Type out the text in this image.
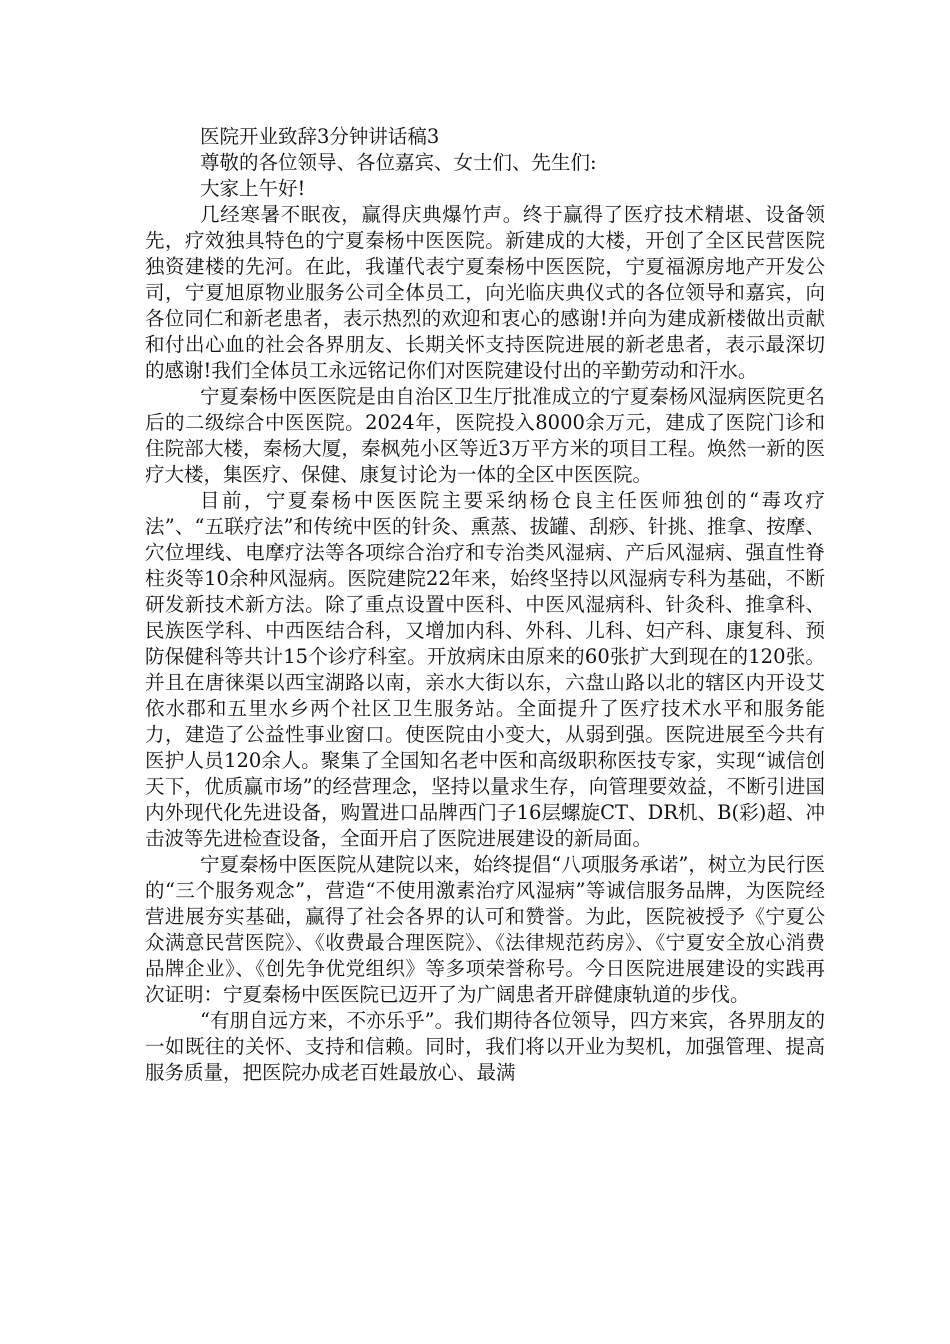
医院开业致辞3分钟讲话稿3

尊敬的各位领导、各位嘉宾、女士们、先生们:

大家上午好!

几经寒暑不眠夜，赢得庆典爆竹声。终于赢得了医疗技术精堪、设备领先，疗效独具特色的宁夏秦杨中医医院。新建成的大楼，开创了全区民营医院独资建楼的先河。在此，我谨代表宁夏秦杨中医医院，宁夏福源房地产开发公司，宁夏旭原物业服务公司全体员工，向光临庆典仪式的各位领导和嘉宾，向各位同仁和新老患者，表示热烈的欢迎和衷心的感谢!并向为建成新楼做出贡献和付出心血的社会各界朋友、长期关怀支持医院进展的新老患者，表示最深切的感谢!我们全体员工永远铭记你们对医院建设付出的辛勤劳动和汗水。

宁夏秦杨中医医院是由自治区卫生厅批准成立的宁夏秦杨风湿病医院更名后的二级综合中医医院。2024年，医院投入8000余万元，建成了医院门诊和住院部大楼，秦杨大厦，秦枫苑小区等近3万平方米的项目工程。焕然一新的医疗大楼，集医疗、保健、康复讨论为一体的全区中医医院。

目前，宁夏秦杨中医医院主要采纳杨仓良主任医师独创的“毒攻疗法”、“五联疗法”和传统中医的针灸、熏蒸、拔罐、刮痧、针挑、推拿、按摩、穴位埋线、电摩疗法等各项综合治疗和专治类风湿病、产后风湿病、强直性脊柱炎等10余种风湿病。医院建院22年来，始终坚持以风湿病专科为基础，不断研发新技术新方法。除了重点设置中医科、中医风湿病科、针灸科、推拿科、民族医学科、中西医结合科，又增加内科、外科、儿科、妇产科、康复科、预防保健科等共计15个诊疗科室。开放病床由原来的60张扩大到现在的120张。并且在唐徕渠以西宝湖路以南，亲水大街以东，六盘山路以北的辖区内开设艾依水郡和五里水乡两个社区卫生服务站。全面提升了医疗技术水平和服务能力，建造了公益性事业窗口。使医院由小变大，从弱到强。医院进展至今共有医护人员120余人。聚集了全国知名老中医和高级职称医技专家，实现“诚信创天下，优质赢市场”的经营理念，坚持以量求生存，向管理要效益，不断引进国内外现代化先进设备，购置进口品牌西门子16层螺旋CT、DR机、B(彩)超、冲击波等先进检查设备，全面开启了医院进展建设的新局面。

宁夏秦杨中医医院从建院以来，始终提倡“八项服务承诺”，树立为民行医的“三个服务观念”，营造“不使用激素治疗风湿病”等诚信服务品牌，为医院经营进展夯实基础，赢得了社会各界的认可和赞誉。为此，医院被授予《宁夏公众满意民营医院》、《收费最合理医院》、《法律规范药房》、《宁夏安全放心消费品牌企业》、《创先争优党组织》等多项荣誉称号。今日医院进展建设的实践再次证明：宁夏秦杨中医医院已迈开了为广阔患者开辟健康轨道的步伐。

“有朋自远方来，不亦乐乎”。我们期待各位领导，四方来宾，各界朋友的一如既往的关怀、支持和信赖。同时，我们将以开业为契机，加强管理、提高服务质量，把医院办成老百姓最放心、最满
